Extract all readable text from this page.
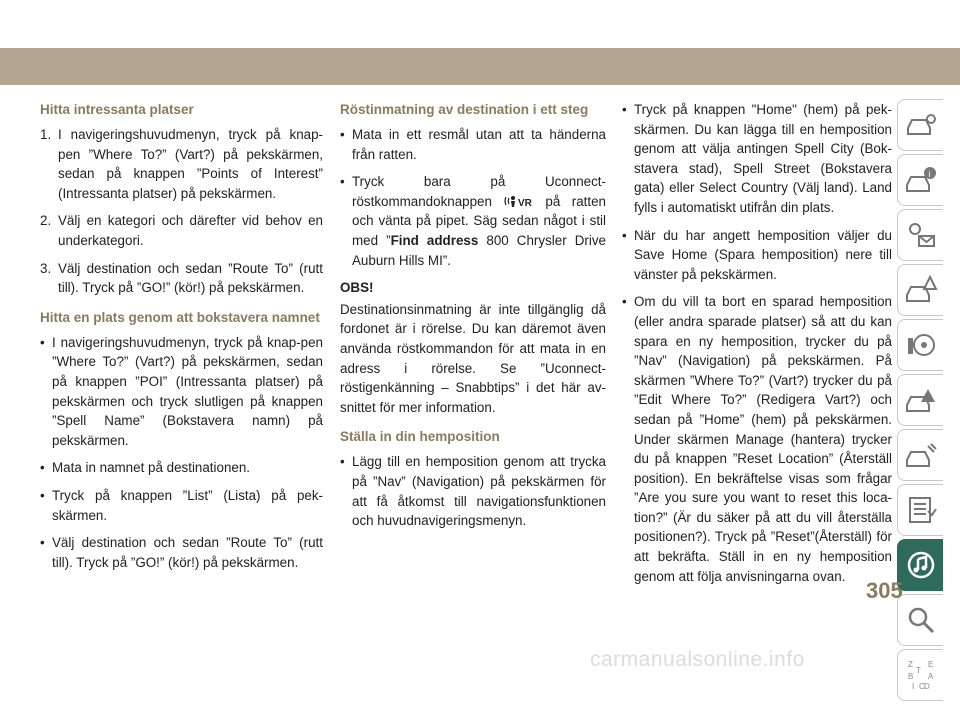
Hitta intressanta platser
1. I navigeringshuvudmenyn, tryck på knap-pen ”Where To?” (Vart?) på pekskärmen, sedan på knappen ”Points of Interest” (Intressanta platser) på pekskärmen.
2. Välj en kategori och därefter vid behov en underkategori.
3. Välj destination och sedan ”Route To” (rutt till). Tryck på ”GO!” (kör!) på pekskärmen.
Hitta en plats genom att bokstavera namnet
• I navigeringshuvudmenyn, tryck på knap-pen ”Where To?” (Vart?) på pekskärmen, sedan på knappen ”POI” (Intressanta platser) på pekskärmen och tryck slutligen på knappen ”Spell Name” (Bokstavera namn) på pekskärmen.
• Mata in namnet på destinationen.
• Tryck på knappen ”List” (Lista) på pek-skärmen.
• Välj destination och sedan ”Route To” (rutt till). Tryck på ”GO!” (kör!) på pekskärmen.
Röstinmatning av destination i ett steg
• Mata in ett resmål utan att ta händerna från ratten.
• Tryck bara på Uconnect-röstkommandoknappen	VR på ratten och vänta på pipet. Säg sedan något i stil med ”Find address 800 Chrysler Drive Auburn Hills MI”.
OBS!

Destinationsinmatning är inte tillgänglig då fordonet är i rörelse. Du kan däremot även använda röstkommandon för att mata in en adress i rörelse. Se ”Uconnect-röstigenkänning – Snabbtips” i det här av-snittet för mer information.

Ställa in din hemposition
• Lägg till en hemposition genom att trycka på ”Nav” (Navigation) på pekskärmen för att få åtkomst till navigationsfunktionen och huvudnavigeringsmenyn.
• Tryck på knappen "Home" (hem) på pek-skärmen. Du kan lägga till en hemposition genom att välja antingen Spell City (Bok-stavera stad), Spell Street (Bokstavera gata) eller Select Country (Välj land). Land fylls i automatiskt utifrån din plats.
• När du har angett hemposition väljer du Save Home (Spara hemposition) nere till vänster på pekskärmen.
• Om du vill ta bort en sparad hemposition (eller andra sparade platser) så att du kan spara en ny hemposition, trycker du på ”Nav” (Navigation) på pekskärmen. På skärmen ”Where To?” (Vart?) trycker du på ”Edit Where To?” (Redigera Vart?) och sedan på ”Home” (hem) på pekskärmen. Under skärmen Manage (hantera) trycker du på knappen ”Reset Location” (Återställ position). En bekräftelse visas som frågar ”Are you sure you want to reset this loca-tion?” (Är du säker på att du vill återställa positionen?). Tryck på ”Reset”(Återställ) för att bekräfta. Ställ in en ny hemposition genom att följa anvisningarna ovan.
i
Z E
B A
I C
T
D
305
carmanualsonline.info
